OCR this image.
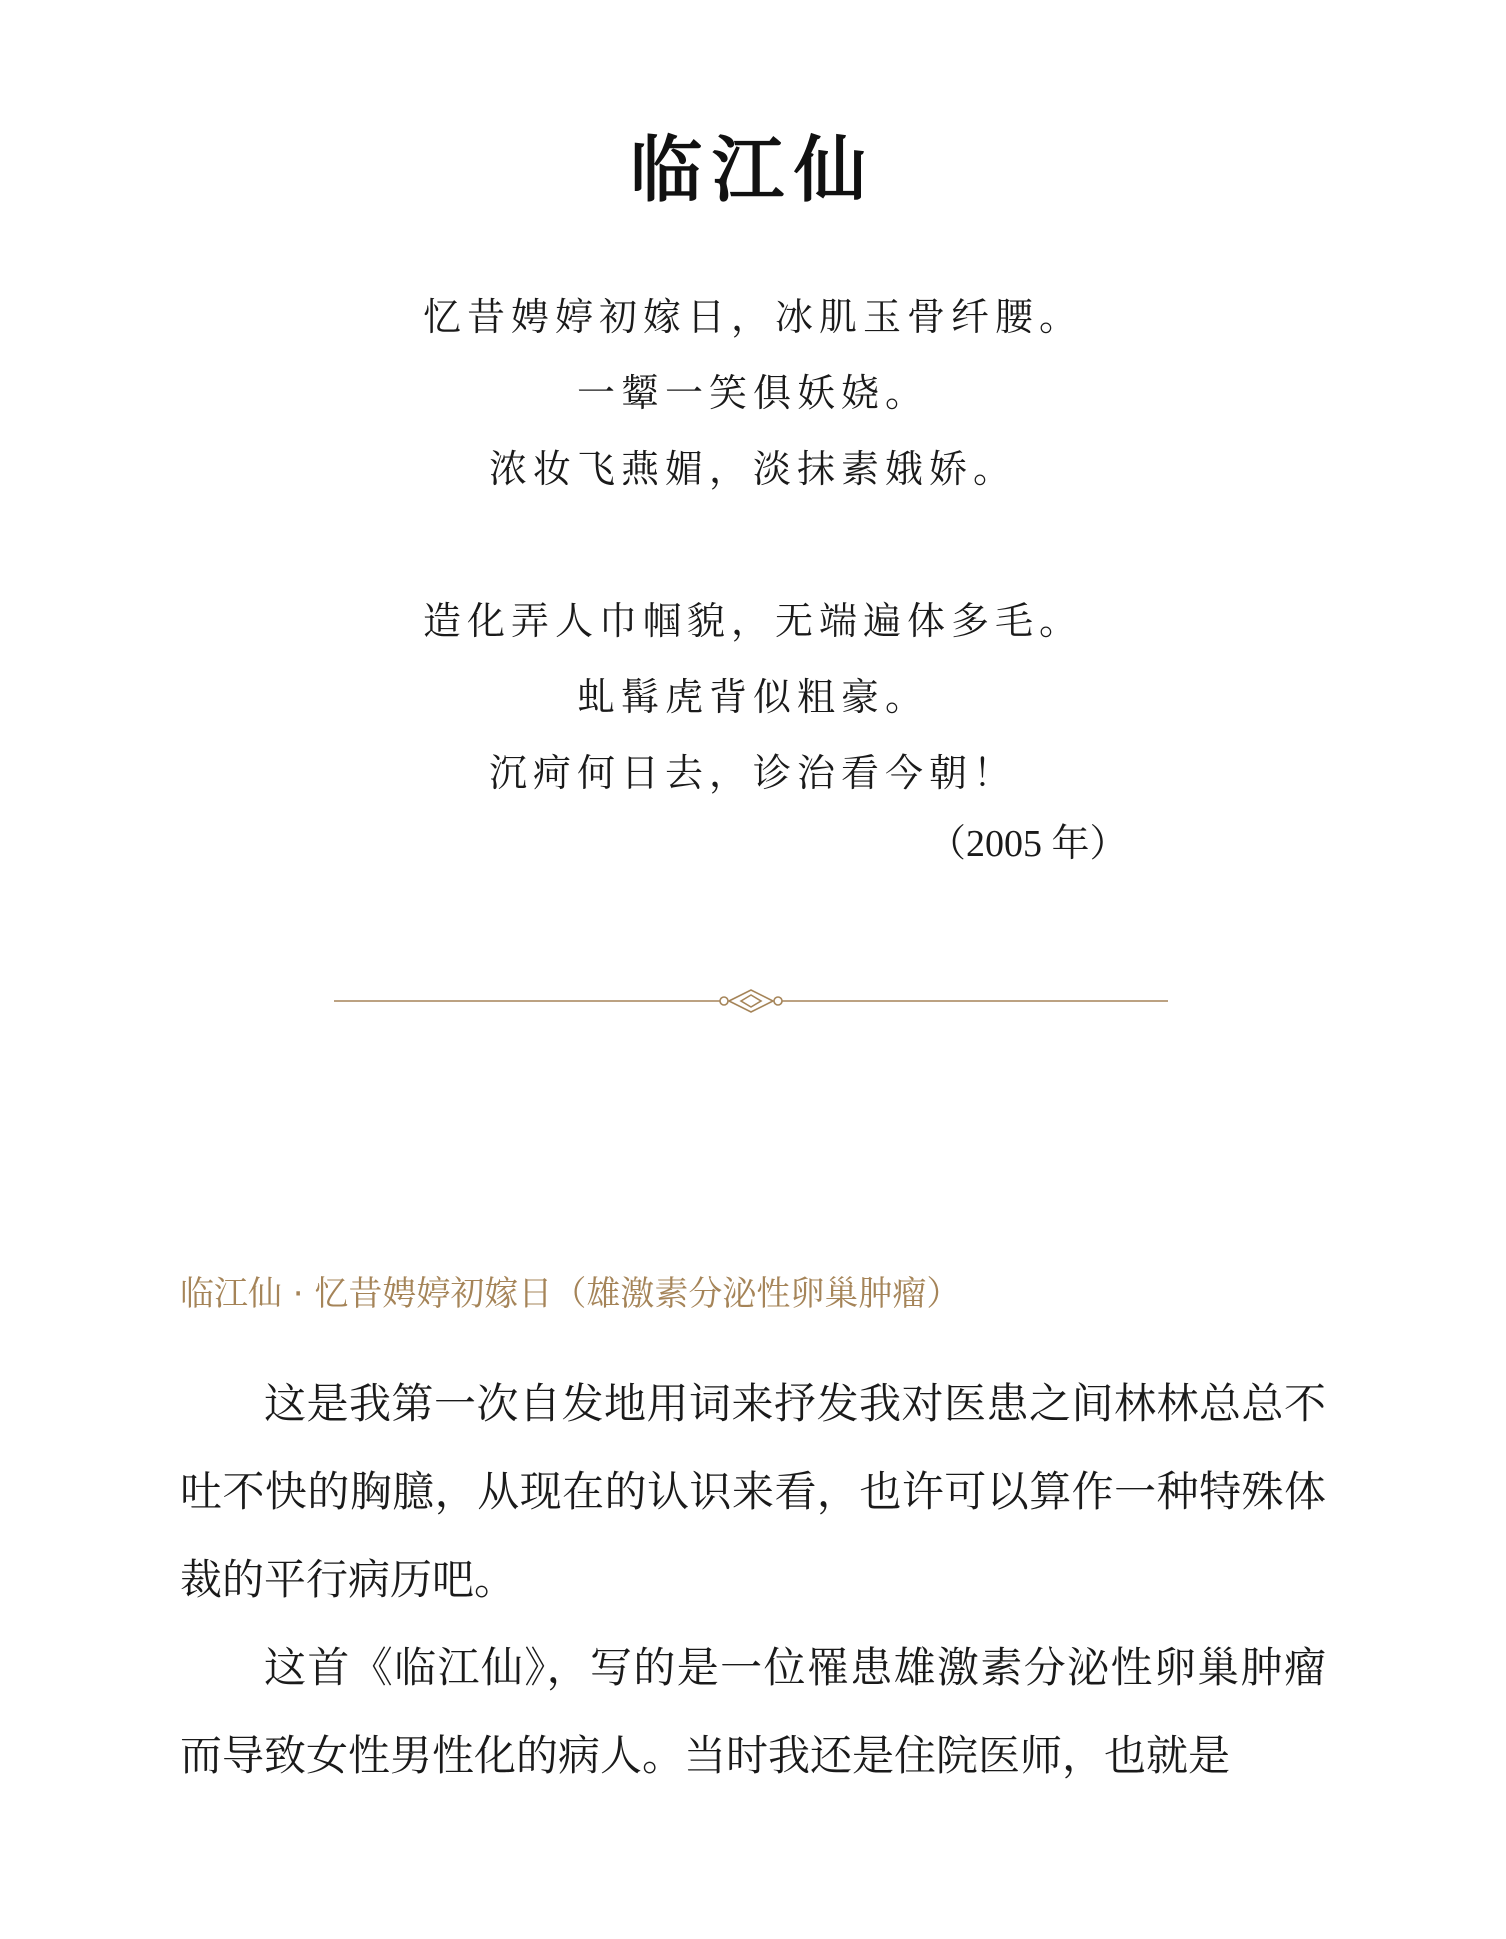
临江仙
忆昔娉婷初嫁日，冰肌玉骨纤腰。
一颦一笑俱妖娆。
浓妆飞燕媚，淡抹素娥娇。
造化弄人巾帼貌，无端遍体多毛。
虬髯虎背似粗豪。
沉疴何日去，诊治看今朝！
（2005 年）
临江仙 · 忆昔娉婷初嫁日（雄激素分泌性卵巢肿瘤）

这是我第一次自发地用词来抒发我对医患之间林林总总不吐不快的胸臆，从现在的认识来看，也许可以算作一种特殊体裁的平行病历吧。

这首《临江仙》，写的是一位罹患雄激素分泌性卵巢肿瘤而导致女性男性化的病人。当时我还是住院医师，也就是
